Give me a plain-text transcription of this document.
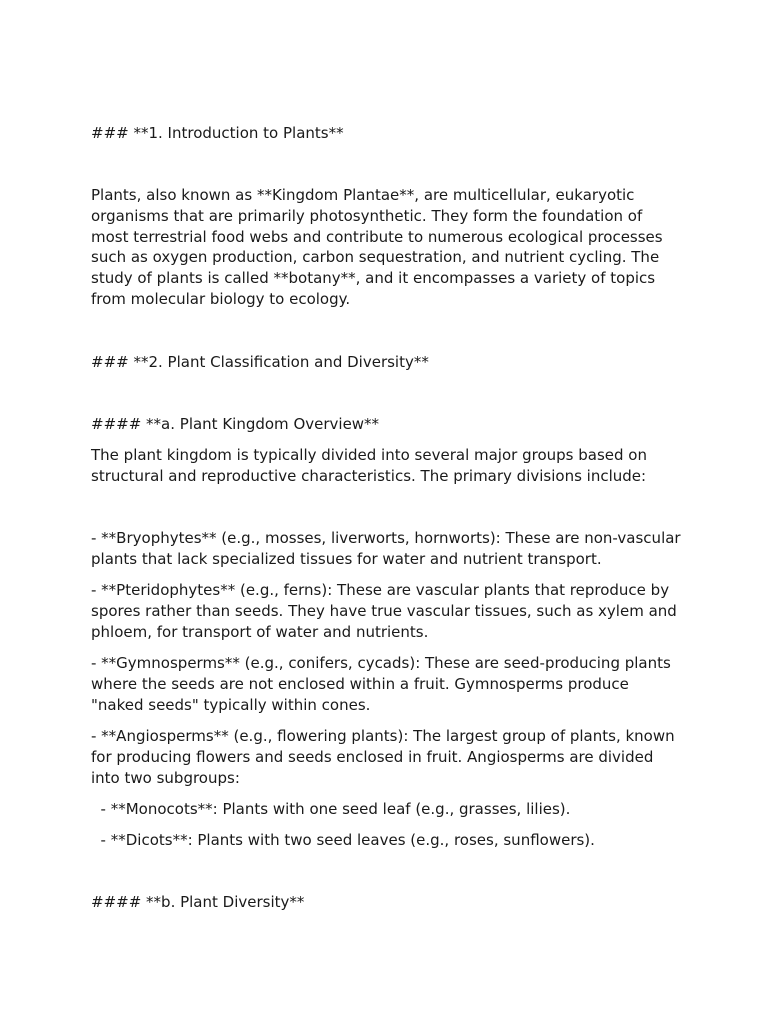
### **1. Introduction to Plants**

Plants, also known as **Kingdom Plantae**, are multicellular, eukaryotic organisms that are primarily photosynthetic. They form the foundation of most terrestrial food webs and contribute to numerous ecological processes such as oxygen production, carbon sequestration, and nutrient cycling. The study of plants is called **botany**, and it encompasses a variety of topics from molecular biology to ecology.

### **2. Plant Classification and Diversity**

#### **a. Plant Kingdom Overview**

The plant kingdom is typically divided into several major groups based on structural and reproductive characteristics. The primary divisions include:

- **Bryophytes** (e.g., mosses, liverworts, hornworts): These are non-vascular plants that lack specialized tissues for water and nutrient transport.

- **Pteridophytes** (e.g., ferns): These are vascular plants that reproduce by spores rather than seeds. They have true vascular tissues, such as xylem and phloem, for transport of water and nutrients.

- **Gymnosperms** (e.g., conifers, cycads): These are seed-producing plants where the seeds are not enclosed within a fruit. Gymnosperms produce "naked seeds" typically within cones.

- **Angiosperms** (e.g., flowering plants): The largest group of plants, known for producing flowers and seeds enclosed in fruit. Angiosperms are divided into two subgroups:

- **Monocots**: Plants with one seed leaf (e.g., grasses, lilies).

- **Dicots**: Plants with two seed leaves (e.g., roses, sunflowers).

#### **b. Plant Diversity**
